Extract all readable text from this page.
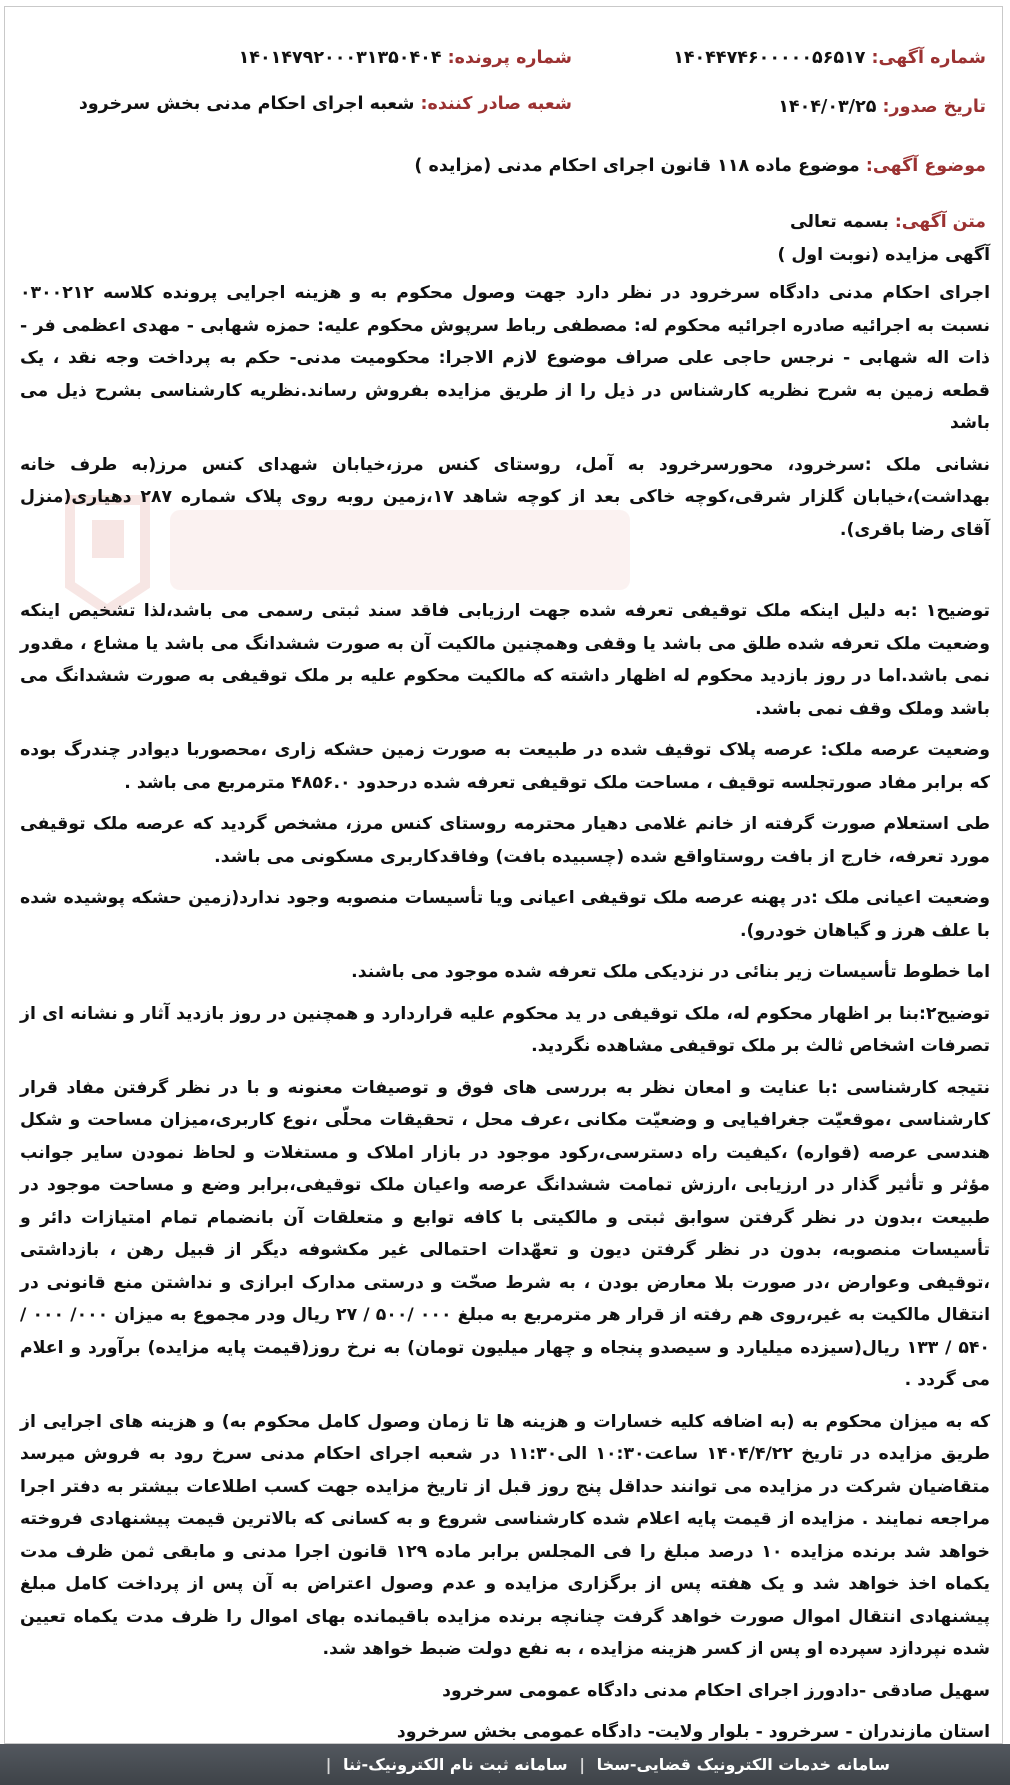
شماره آگهی: ۱۴۰۴۴۷۴۶۰۰۰۰۰۵۶۵۱۷
شماره پرونده: ۱۴۰۱۴۷۹۲۰۰۰۳۱۳۵۰۴۰۴
تاریخ صدور: ۱۴۰۴/۰۳/۲۵
شعبه صادر کننده: شعبه اجرای احکام مدنی بخش سرخرود
موضوع آگهی: موضوع ماده ۱۱۸ قانون اجرای احکام مدنی (مزایده )

متن آگهی: بسمه تعالی

آگهی مزایده (نوبت اول )

اجرای احکام مدنی دادگاه سرخرود در نظر دارد جهت وصول محکوم به و هزینه اجرایی پرونده کلاسه ۰۳۰۰۲۱۲ نسبت به اجرائیه صادره اجرائیه محکوم له: مصطفی رباط سرپوش محکوم علیه: حمزه شهابی - مهدی اعظمی فر - ذات اله شهابی - نرجس حاجی علی صراف موضوع لازم الاجرا: محکومیت مدنی- حکم به پرداخت وجه نقد ، یک قطعه زمین به شرح نظریه کارشناس در ذیل را از طریق مزایده بفروش رساند.نظریه کارشناسی بشرح ذیل می باشد

نشانی ملک :سرخرود، محورسرخرود به آمل، روستای کنس مرز،خیابان شهدای کنس مرز(به طرف خانه بهداشت)،خیابان گلزار شرقی،کوچه خاکی بعد از کوچه شاهد ۱۷،زمین روبه روی پلاک شماره ۲۸۷ دهیاری(منزل آقای رضا باقری).

توضیح۱ :به دلیل اینکه ملک توقیفی تعرفه شده جهت ارزیابی فاقد سند ثبتی رسمی می باشد،لذا تشخیص اینکه وضعیت ملک تعرفه شده طلق می باشد یا وقفی وهمچنین مالکیت آن به صورت ششدانگ می باشد یا مشاع ، مقدور نمی باشد.اما در روز بازدید محکوم له اظهار داشته که مالکیت محکوم علیه بر ملک توقیفی به صورت ششدانگ می باشد وملک وقف نمی باشد.

وضعیت عرصه ملک: عرصه پلاک توقیف شده در طبیعت به صورت زمین حشکه زاری ،محصوربا دیوادر چندرگ بوده که برابر مفاد صورتجلسه توقیف ، مساحت ملک توقیفی تعرفه شده درحدود ۴۸۵۶.۰ مترمربع می باشد .

طی استعلام صورت گرفته از خانم غلامی دهیار محترمه روستای کنس مرز، مشخص گردید که عرصه ملک توقیفی مورد تعرفه، خارج از بافت روستاواقع شده (چسبیده بافت) وفاقدکاربری مسکونی می باشد.

وضعیت اعیانی ملک :در پهنه عرصه ملک توقیفی اعیانی ویا تأسیسات منصوبه وجود ندارد(زمین حشکه پوشیده شده با علف هرز و گیاهان خودرو).

اما خطوط تأسیسات زیر بنائی در نزدیکی ملک تعرفه شده موجود می باشند.

توضیح۲:بنا بر اظهار محکوم له، ملک توقیفی در ید محکوم علیه قراردارد و همچنین در روز بازدید آثار و نشانه ای از تصرفات اشخاص ثالث بر ملک توقیفی مشاهده نگردید.

نتیجه کارشناسی :با عنایت و امعان نظر به بررسی های فوق و توصیفات معنونه و با در نظر گرفتن مفاد قرار کارشناسی ،موقعیّت جغرافیایی و وضعیّت مکانی ،عرف محل ، تحقیقات محلّی ،نوع کاربری،میزان مساحت و شکل هندسی عرصه (قواره) ،کیفیت راه دسترسی،رکود موجود در بازار املاک و مستغلات و لحاظ نمودن سایر جوانب مؤثر و تأثیر گذار در ارزیابی ،ارزش تمامت ششدانگ عرصه واعیان ملک توقیفی،برابر وضع و مساحت موجود در طبیعت ،بدون در نظر گرفتن سوابق ثبتی و مالکیتی با کافه توابع و متعلقات آن بانضمام تمام امتیازات دائر و تأسیسات منصوبه، بدون در نظر گرفتن دیون و تعهّدات احتمالی غیر مکشوفه دیگر از قبیل رهن ، بازداشتی ،توقیفی وعوارض ،در صورت بلا معارض بودن ، به شرط صحّت و درستی مدارک ابرازی و نداشتن منع قانونی در انتقال مالکیت به غیر،روی هم رفته از قرار هر مترمربع به مبلغ ۰۰۰ /۵۰۰ / ۲۷ ریال ودر مجموع به میزان ۰۰۰/ ۰۰۰ / ۵۴۰ / ۱۳۳ ریال(سیزده میلیارد و سیصدو پنجاه و چهار میلیون تومان) به نرخ روز(قیمت پایه مزایده) برآورد و اعلام می گردد .

که به میزان محکوم به (به اضافه کلیه خسارات و هزینه ها تا زمان وصول کامل محکوم به) و هزینه های اجرایی از طریق مزایده در تاریخ ۱۴۰۴/۴/۲۲ ساعت۱۰:۳۰ الی۱۱:۳۰ در شعبه اجرای احکام مدنی سرخ رود به فروش میرسد متقاضیان شرکت در مزایده می توانند حداقل پنج روز قبل از تاریخ مزایده جهت کسب اطلاعات بیشتر به دفتر اجرا مراجعه نمایند . مزایده از قیمت پایه اعلام شده کارشناسی شروع و به کسانی که بالاترین قیمت پیشنهادی فروخته خواهد شد برنده مزایده ۱۰ درصد مبلغ را فی المجلس برابر ماده ۱۲۹ قانون اجرا مدنی و مابقی ثمن ظرف مدت یکماه اخذ خواهد شد و یک هفته پس از برگزاری مزایده و عدم وصول اعتراض به آن پس از پرداخت کامل مبلغ پیشنهادی انتقال اموال صورت خواهد گرفت چنانچه برنده مزایده باقیمانده بهای اموال را ظرف مدت یکماه تعیین شده نپردازد سپرده او پس از کسر هزینه مزایده ، به نفع دولت ضبط خواهد شد.

سهیل صادقی -دادورز اجرای احکام مدنی دادگاه عمومی سرخرود

استان مازندران - سرخرود - بلوار ولایت- دادگاه عمومی بخش سرخرود

سامانه خدمات الکترونیک قضایی-سخا | سامانه ثبت نام الکترونیک-ثنا |
